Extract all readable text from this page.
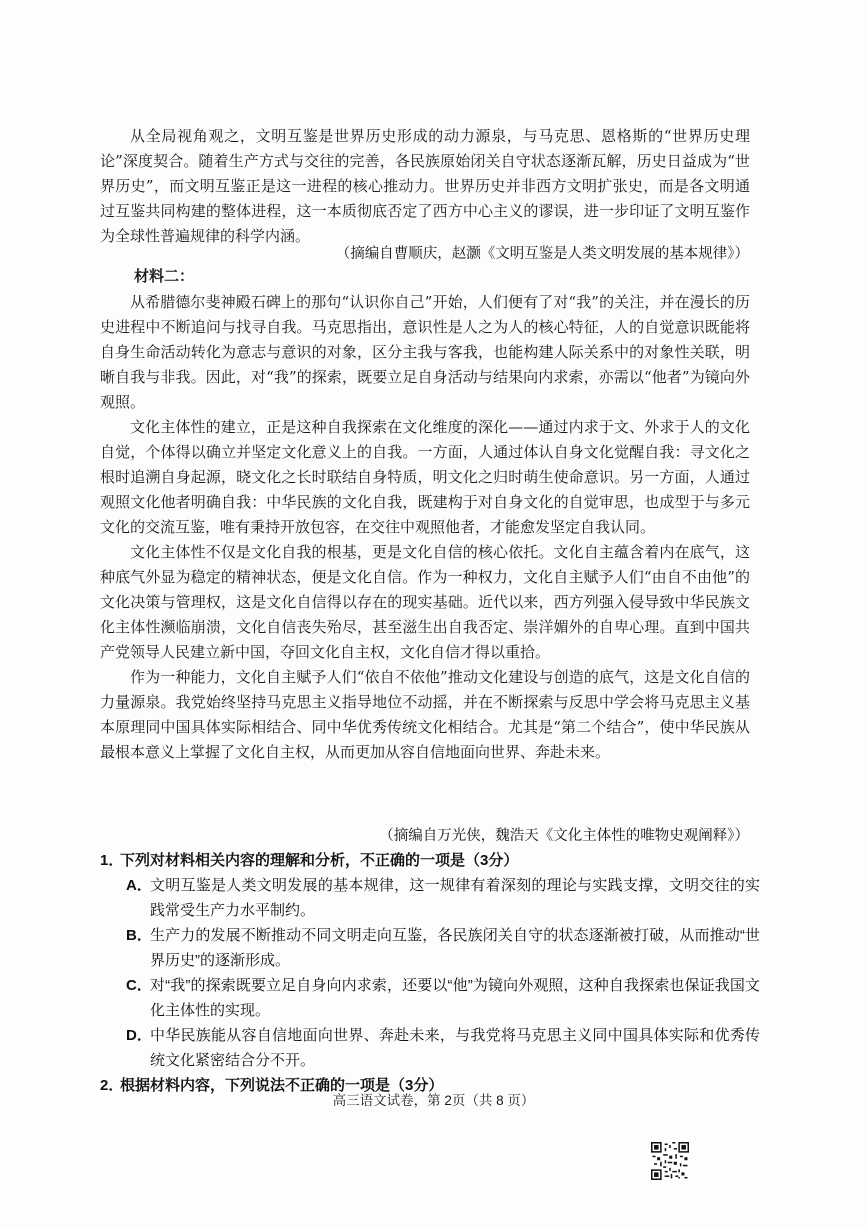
从全局视角观之，文明互鉴是世界历史形成的动力源泉，与马克思、恩格斯的“世界历史理论”深度契合。随着生产方式与交往的完善，各民族原始闭关自守状态逐渐瓦解，历史日益成为“世界历史”，而文明互鉴正是这一进程的核心推动力。世界历史并非西方文明扩张史，而是各文明通过互鉴共同构建的整体进程，这一本质彻底否定了西方中心主义的谬误，进一步印证了文明互鉴作为全球性普遍规律的科学内涵。

（摘编自曹顺庆，赵灏《文明互鉴是人类文明发展的基本规律》）
材料二：

从希腊德尔斐神殿石碑上的那句“认识你自己”开始，人们便有了对“我”的关注，并在漫长的历史进程中不断追问与找寻自我。马克思指出，意识性是人之为人的核心特征，人的自觉意识既能将自身生命活动转化为意志与意识的对象，区分主我与客我，也能构建人际关系中的对象性关联，明晰自我与非我。因此，对“我”的探索，既要立足自身活动与结果向内求索，亦需以“他者”为镜向外观照。

文化主体性的建立，正是这种自我探索在文化维度的深化——通过内求于文、外求于人的文化自觉，个体得以确立并坚定文化意义上的自我。一方面，人通过体认自身文化觉醒自我：寻文化之根时追溯自身起源，晓文化之长时联结自身特质，明文化之归时萌生使命意识。另一方面，人通过观照文化他者明确自我：中华民族的文化自我，既建构于对自身文化的自觉审思，也成型于与多元文化的交流互鉴，唯有秉持开放包容，在交往中观照他者，才能愈发坚定自我认同。

文化主体性不仅是文化自我的根基，更是文化自信的核心依托。文化自主蕴含着内在底气，这种底气外显为稳定的精神状态，便是文化自信。作为一种权力，文化自主赋予人们“由自不由他”的文化决策与管理权，这是文化自信得以存在的现实基础。近代以来，西方列强入侵导致中华民族文化主体性濒临崩溃，文化自信丧失殆尽，甚至滋生出自我否定、崇洋媚外的自卑心理。直到中国共产党领导人民建立新中国，夺回文化自主权，文化自信才得以重拾。

作为一种能力，文化自主赋予人们“依自不依他”推动文化建设与创造的底气，这是文化自信的力量源泉。我党始终坚持马克思主义指导地位不动摇，并在不断探索与反思中学会将马克思主义基本原理同中国具体实际相结合、同中华优秀传统文化相结合。尤其是“第二个结合”，使中华民族从最根本意义上掌握了文化自主权，从而更加从容自信地面向世界、奔赴未来。

（摘编自万光侠，魏浩天《文化主体性的唯物史观阐释》）

1．下列对材料相关内容的理解和分析，不正确的一项是（3分）

A．
文明互鉴是人类文明发展的基本规律，这一规律有着深刻的理论与实践支撑，文明交往的实践常受生产力水平制约。

B．
生产力的发展不断推动不同文明走向互鉴，各民族闭关自守的状态逐渐被打破，从而推动“世界历史”的逐渐形成。

C．
对“我”的探索既要立足自身向内求索，还要以“他”为镜向外观照，这种自我探索也保证我国文化主体性的实现。

D．
中华民族能从容自信地面向世界、奔赴未来，与我党将马克思主义同中国具体实际和优秀传统文化紧密结合分不开。

2．根据材料内容，下列说法不正确的一项是（3分）

高三语文试卷，第 2页（共 8 页）
